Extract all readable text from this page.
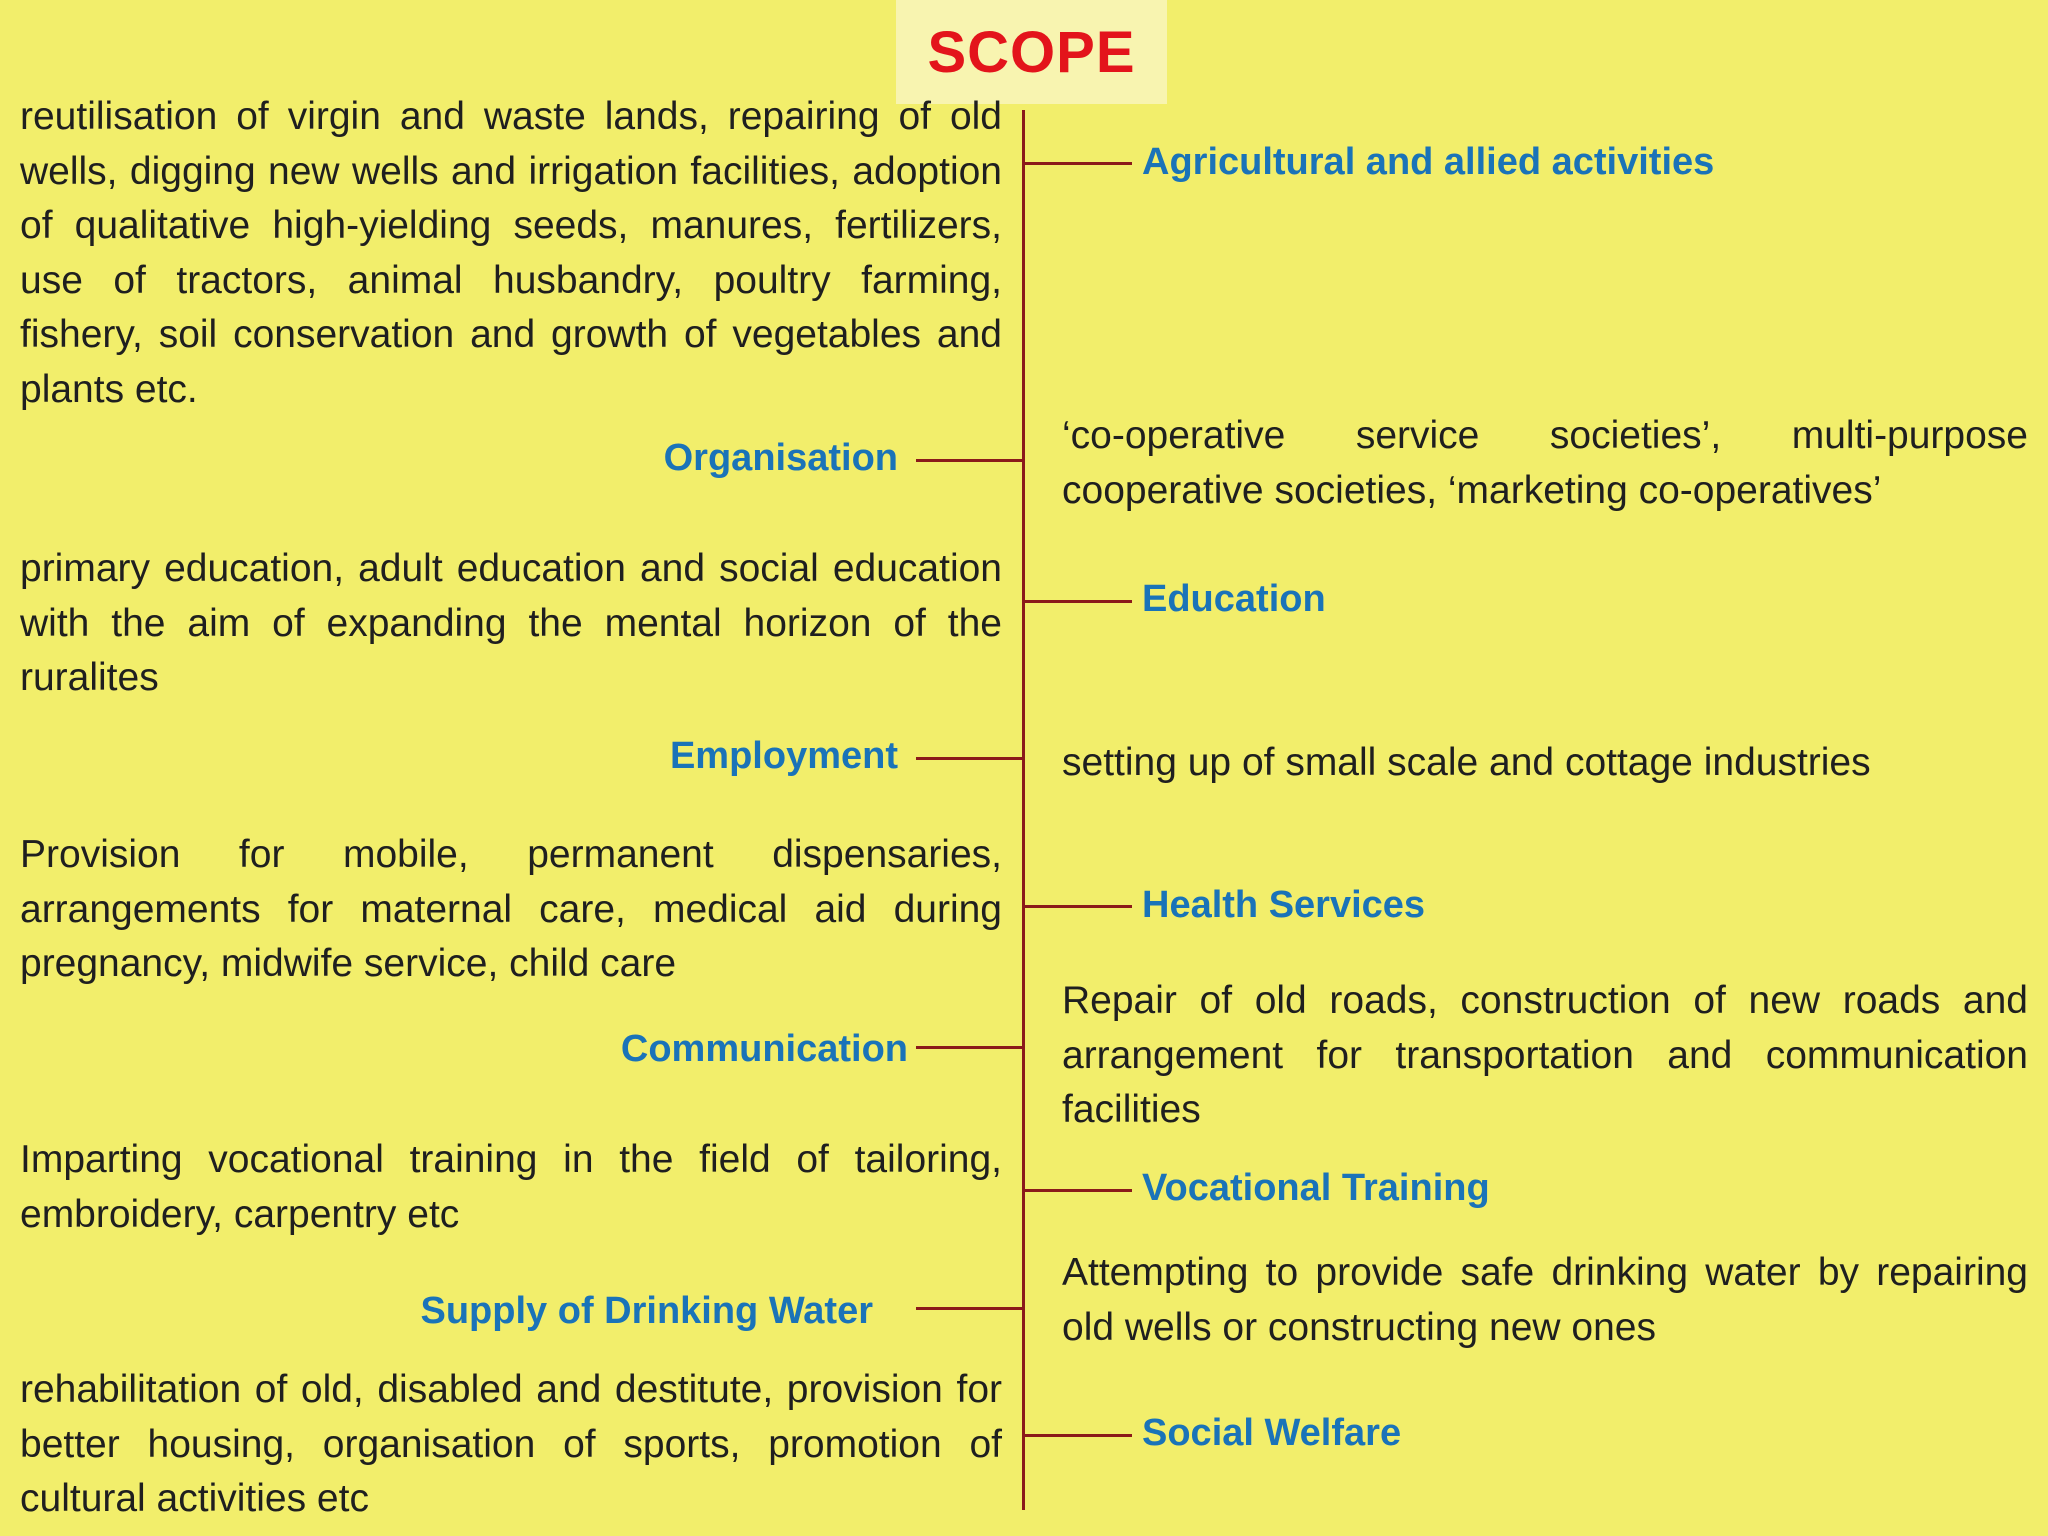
SCOPE
Agricultural and allied activities
Organisation
Education
Employment
Health Services
Communication
Vocational Training
Supply of Drinking Water
Social Welfare
reutilisation of virgin and waste lands, repairing of old wells, digging new wells and irrigation facilities, adoption of qualitative high-yielding seeds, manures, fertilizers, use of tractors, animal husbandry, poultry farming, fishery, soil conservation and growth of vegetables and plants etc.
‘co-operative service societies’, multi-purpose cooperative societies, ‘marketing co-operatives’
primary education, adult education and social education with the aim of expanding the mental horizon of the ruralites
setting up of small scale and cottage industries
Provision for mobile, permanent dispensaries, arrangements for maternal care, medical aid during pregnancy, midwife service, child care
Repair of old roads, construction of new roads and arrangement for transportation and communication facilities
Imparting vocational training in the field of tailoring, embroidery, carpentry etc
Attempting to provide safe drinking water by repairing old wells or constructing new ones
rehabilitation of old, disabled and destitute, provision for better housing, organisation of sports, promotion of cultural activities etc
